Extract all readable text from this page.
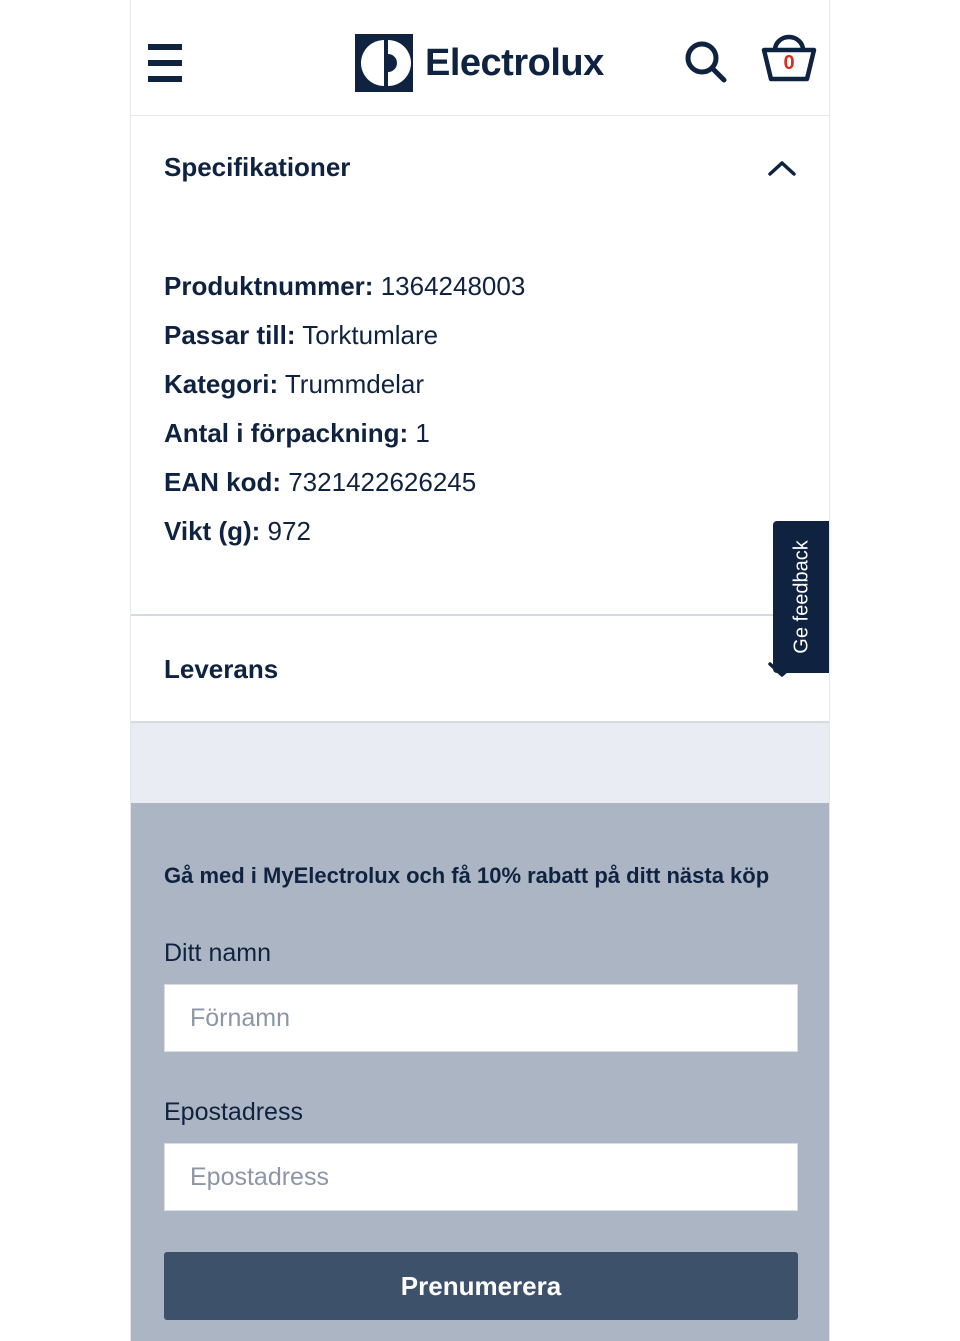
Electrolux	0
Specifikationer
Produktnummer: 1364248003
Passar till: Torktumlare
Kategori: Trummdelar
Antal i förpackning: 1
EAN kod: 7321422626245
Vikt (g): 972
Leverans
Ge feedback
Gå med i MyElectrolux och få 10% rabatt på ditt nästa köp
Ditt namn
Förnamn
Epostadress
Epostadress
Prenumerera
